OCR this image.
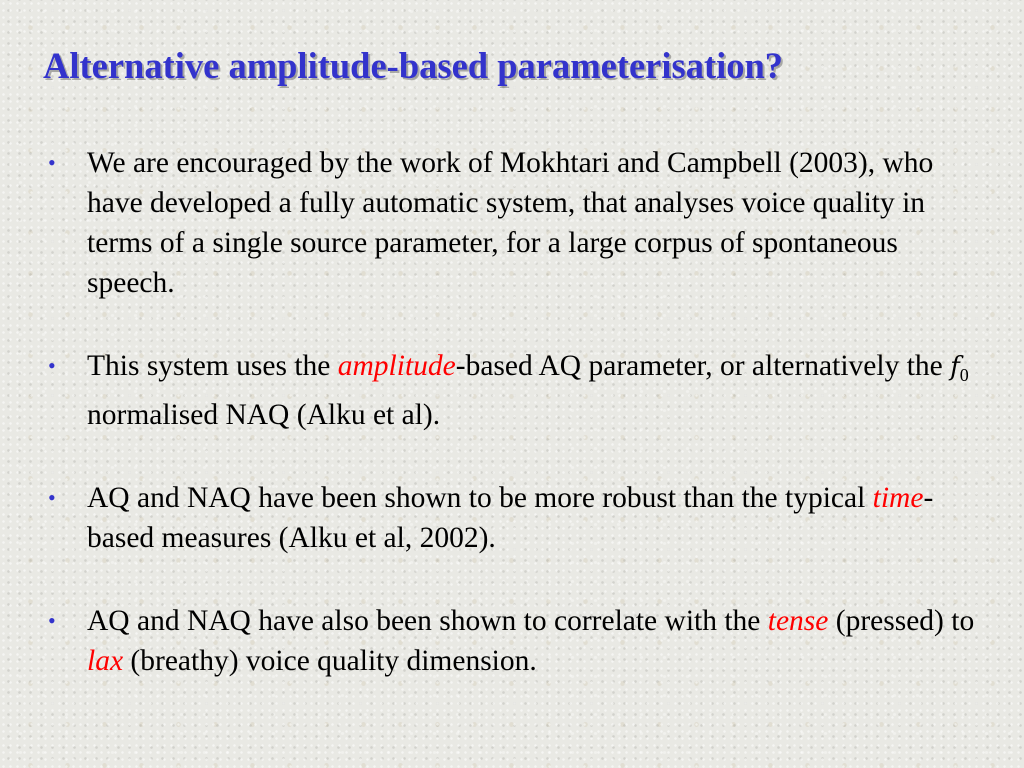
Alternative amplitude-based parameterisation?
•	We are encouraged by the work of Mokhtari and Campbell (2003), who have developed a fully automatic system, that analyses voice quality in terms of a single source parameter, for a large corpus of spontaneous speech.
•	This system uses the amplitude-based AQ parameter, or alternatively the $f_0$ normalised NAQ (Alku et al).
•	AQ and NAQ have been shown to be more robust than the typical time-based measures (Alku et al, 2002).
•	AQ and NAQ have also been shown to correlate with the tense (pressed) to lax (breathy) voice quality dimension.
